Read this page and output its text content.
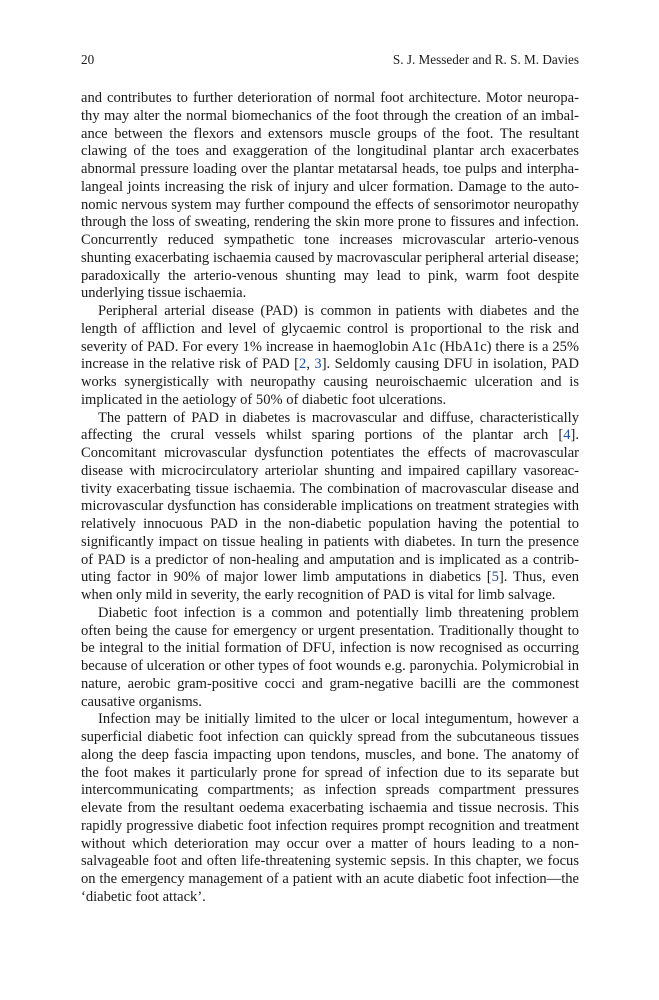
20	S. J. Messeder and R. S. M. Davies

and contributes to further deterioration of normal foot architecture. Motor neuropathy may alter the normal biomechanics of the foot through the creation of an imbalance between the flexors and extensors muscle groups of the foot. The resultant clawing of the toes and exaggeration of the longitudinal plantar arch exacerbates abnormal pressure loading over the plantar metatarsal heads, toe pulps and interphalangeal joints increasing the risk of injury and ulcer formation. Damage to the autonomic nervous system may further compound the effects of sensorimotor neuropathy through the loss of sweating, rendering the skin more prone to fissures and infection. Concurrently reduced sympathetic tone increases microvascular arterio-venous shunting exacerbating ischaemia caused by macrovascular peripheral arterial disease; paradoxically the arterio-venous shunting may lead to pink, warm foot despite underlying tissue ischaemia.

Peripheral arterial disease (PAD) is common in patients with diabetes and the length of affliction and level of glycaemic control is proportional to the risk and severity of PAD. For every 1% increase in haemoglobin A1c (HbA1c) there is a 25% increase in the relative risk of PAD [2, 3]. Seldomly causing DFU in isolation, PAD works synergistically with neuropathy causing neuroischaemic ulceration and is implicated in the aetiology of 50% of diabetic foot ulcerations.

The pattern of PAD in diabetes is macrovascular and diffuse, characteristically affecting the crural vessels whilst sparing portions of the plantar arch [4]. Concomitant microvascular dysfunction potentiates the effects of macrovascular disease with microcirculatory arteriolar shunting and impaired capillary vasoreactivity exacerbating tissue ischaemia. The combination of macrovascular disease and microvascular dysfunction has considerable implications on treatment strategies with relatively innocuous PAD in the non-diabetic population having the potential to significantly impact on tissue healing in patients with diabetes. In turn the presence of PAD is a predictor of non-healing and amputation and is implicated as a contributing factor in 90% of major lower limb amputations in diabetics [5]. Thus, even when only mild in severity, the early recognition of PAD is vital for limb salvage.

Diabetic foot infection is a common and potentially limb threatening problem often being the cause for emergency or urgent presentation. Traditionally thought to be integral to the initial formation of DFU, infection is now recognised as occurring because of ulceration or other types of foot wounds e.g. paronychia. Polymicrobial in nature, aerobic gram-positive cocci and gram-negative bacilli are the commonest causative organisms.

Infection may be initially limited to the ulcer or local integumentum, however a superficial diabetic foot infection can quickly spread from the subcutaneous tissues along the deep fascia impacting upon tendons, muscles, and bone. The anatomy of the foot makes it particularly prone for spread of infection due to its separate but intercommunicating compartments; as infection spreads compartment pressures elevate from the resultant oedema exacerbating ischaemia and tissue necrosis. This rapidly progressive diabetic foot infection requires prompt recognition and treatment without which deterioration may occur over a matter of hours leading to a non-salvageable foot and often life-threatening systemic sepsis. In this chapter, we focus on the emergency management of a patient with an acute diabetic foot infection—the ‘diabetic foot attack’.
